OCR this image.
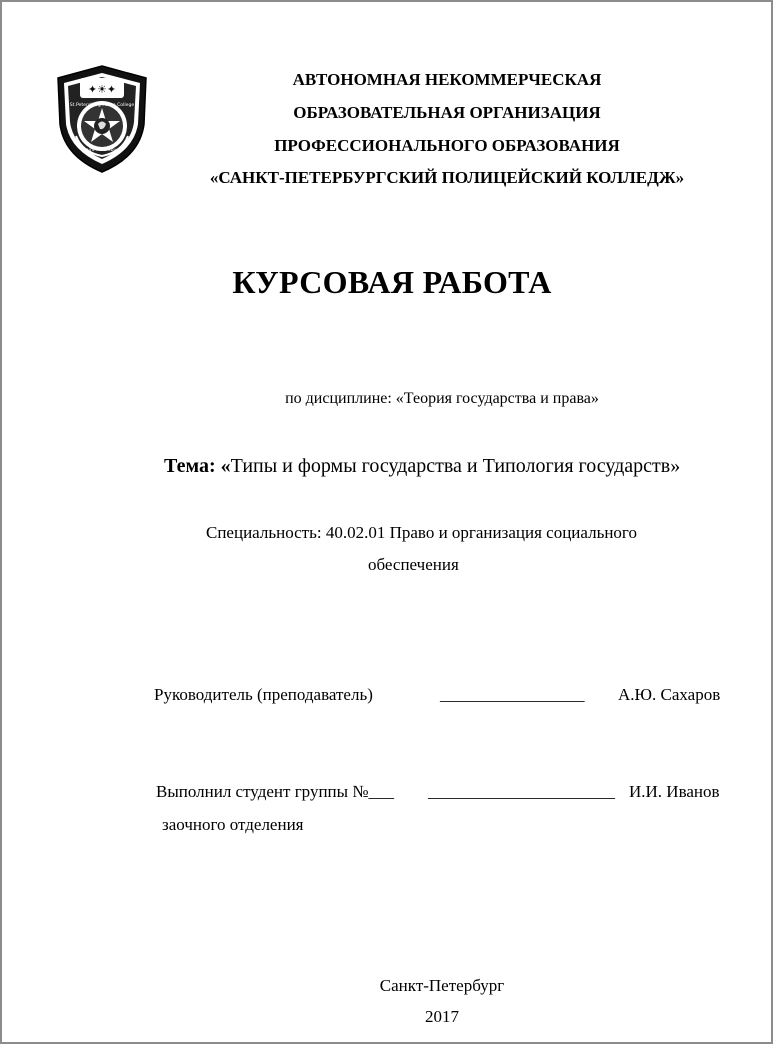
✦☀✦
St.Petersburg Police College
Saint-Petersburg
АВТОНОМНАЯ НЕКОММЕРЧЕСКАЯ
ОБРАЗОВАТЕЛЬНАЯ ОРГАНИЗАЦИЯ
ПРОФЕССИОНАЛЬНОГО ОБРАЗОВАНИЯ
«САНКТ-ПЕТЕРБУРГСКИЙ ПОЛИЦЕЙСКИЙ КОЛЛЕДЖ»
КУРСОВАЯ РАБОТА
по дисциплине: «Теория государства и права»
Тема: «Типы и формы государства и Типология государств»
Специальность: 40.02.01 Право и организация социального
обеспечения
Руководитель (преподаватель)	_________________ А.Ю. Сахаров
Выполнил студент группы №___ ______________________ И.И. Иванов
заочного отделения
Санкт-Петербург
2017
